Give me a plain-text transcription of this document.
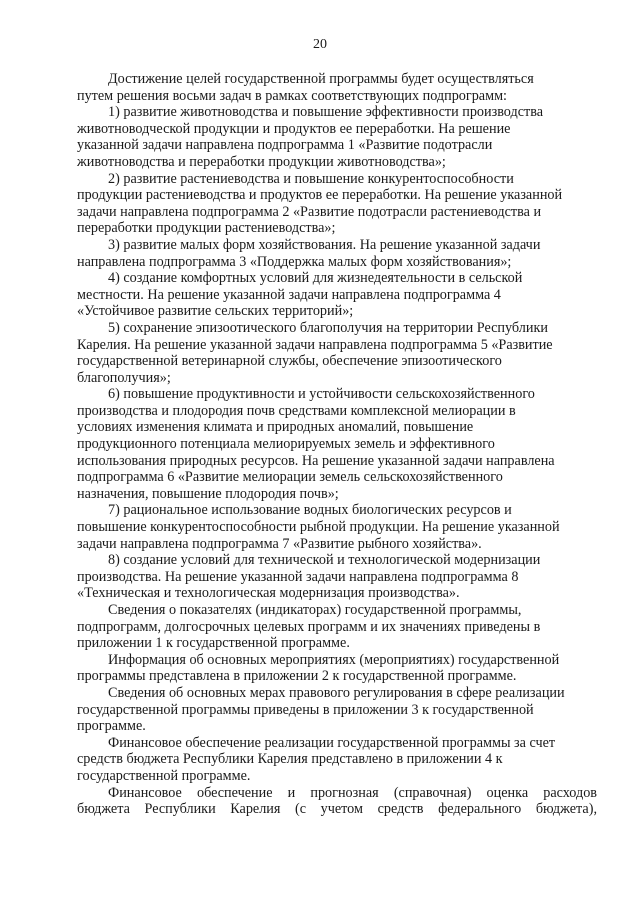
20

Достижение целей государственной программы будет осуществляться
путем решения восьми задач в рамках соответствующих подпрограмм:

1) развитие животноводства и повышение эффективности производства
животноводческой продукции и продуктов ее переработки. На решение
указанной задачи направлена подпрограмма 1 «Развитие подотрасли
животноводства и переработки продукции животноводства»;

2) развитие растениеводства и повышение конкурентоспособности
продукции растениеводства и продуктов ее переработки. На решение указанной
задачи направлена подпрограмма 2 «Развитие подотрасли растениеводства и
переработки продукции растениеводства»;

3) развитие малых форм хозяйствования. На решение указанной задачи
направлена подпрограмма 3 «Поддержка малых форм хозяйствования»;

4) создание комфортных условий для жизнедеятельности в сельской
местности. На решение указанной задачи направлена подпрограмма 4
«Устойчивое развитие сельских территорий»;

5) сохранение эпизоотического благополучия на территории Республики
Карелия. На решение указанной задачи направлена подпрограмма 5 «Развитие
государственной ветеринарной службы, обеспечение эпизоотического
благополучия»;

6) повышение продуктивности и устойчивости сельскохозяйственного
производства и плодородия почв средствами комплексной мелиорации в
условиях изменения климата и природных аномалий, повышение
продукционного потенциала мелиорируемых земель и эффективного
использования природных ресурсов. На решение указанной задачи направлена
подпрограмма 6 «Развитие мелиорации земель сельскохозяйственного
назначения, повышение плодородия почв»;

7) рациональное использование водных биологических ресурсов и
повышение конкурентоспособности рыбной продукции. На решение указанной
задачи направлена подпрограмма 7 «Развитие рыбного хозяйства».

8) создание условий для технической и технологической модернизации
производства. На решение указанной задачи направлена подпрограмма 8
«Техническая и технологическая модернизация производства».

Сведения о показателях (индикаторах) государственной программы,
подпрограмм, долгосрочных целевых программ и их значениях приведены в
приложении 1 к государственной программе.

Информация об основных мероприятиях (мероприятиях) государственной
программы представлена в приложении 2 к государственной программе.

Сведения об основных мерах правового регулирования в сфере реализации
государственной программы приведены в приложении 3 к государственной
программе.

Финансовое обеспечение реализации государственной программы за счет
средств бюджета Республики Карелия представлено в приложении 4 к
государственной программе.

Финансовое обеспечение и прогнозная (справочная) оценка расходов
бюджета Республики Карелия (с учетом средств федерального бюджета),
